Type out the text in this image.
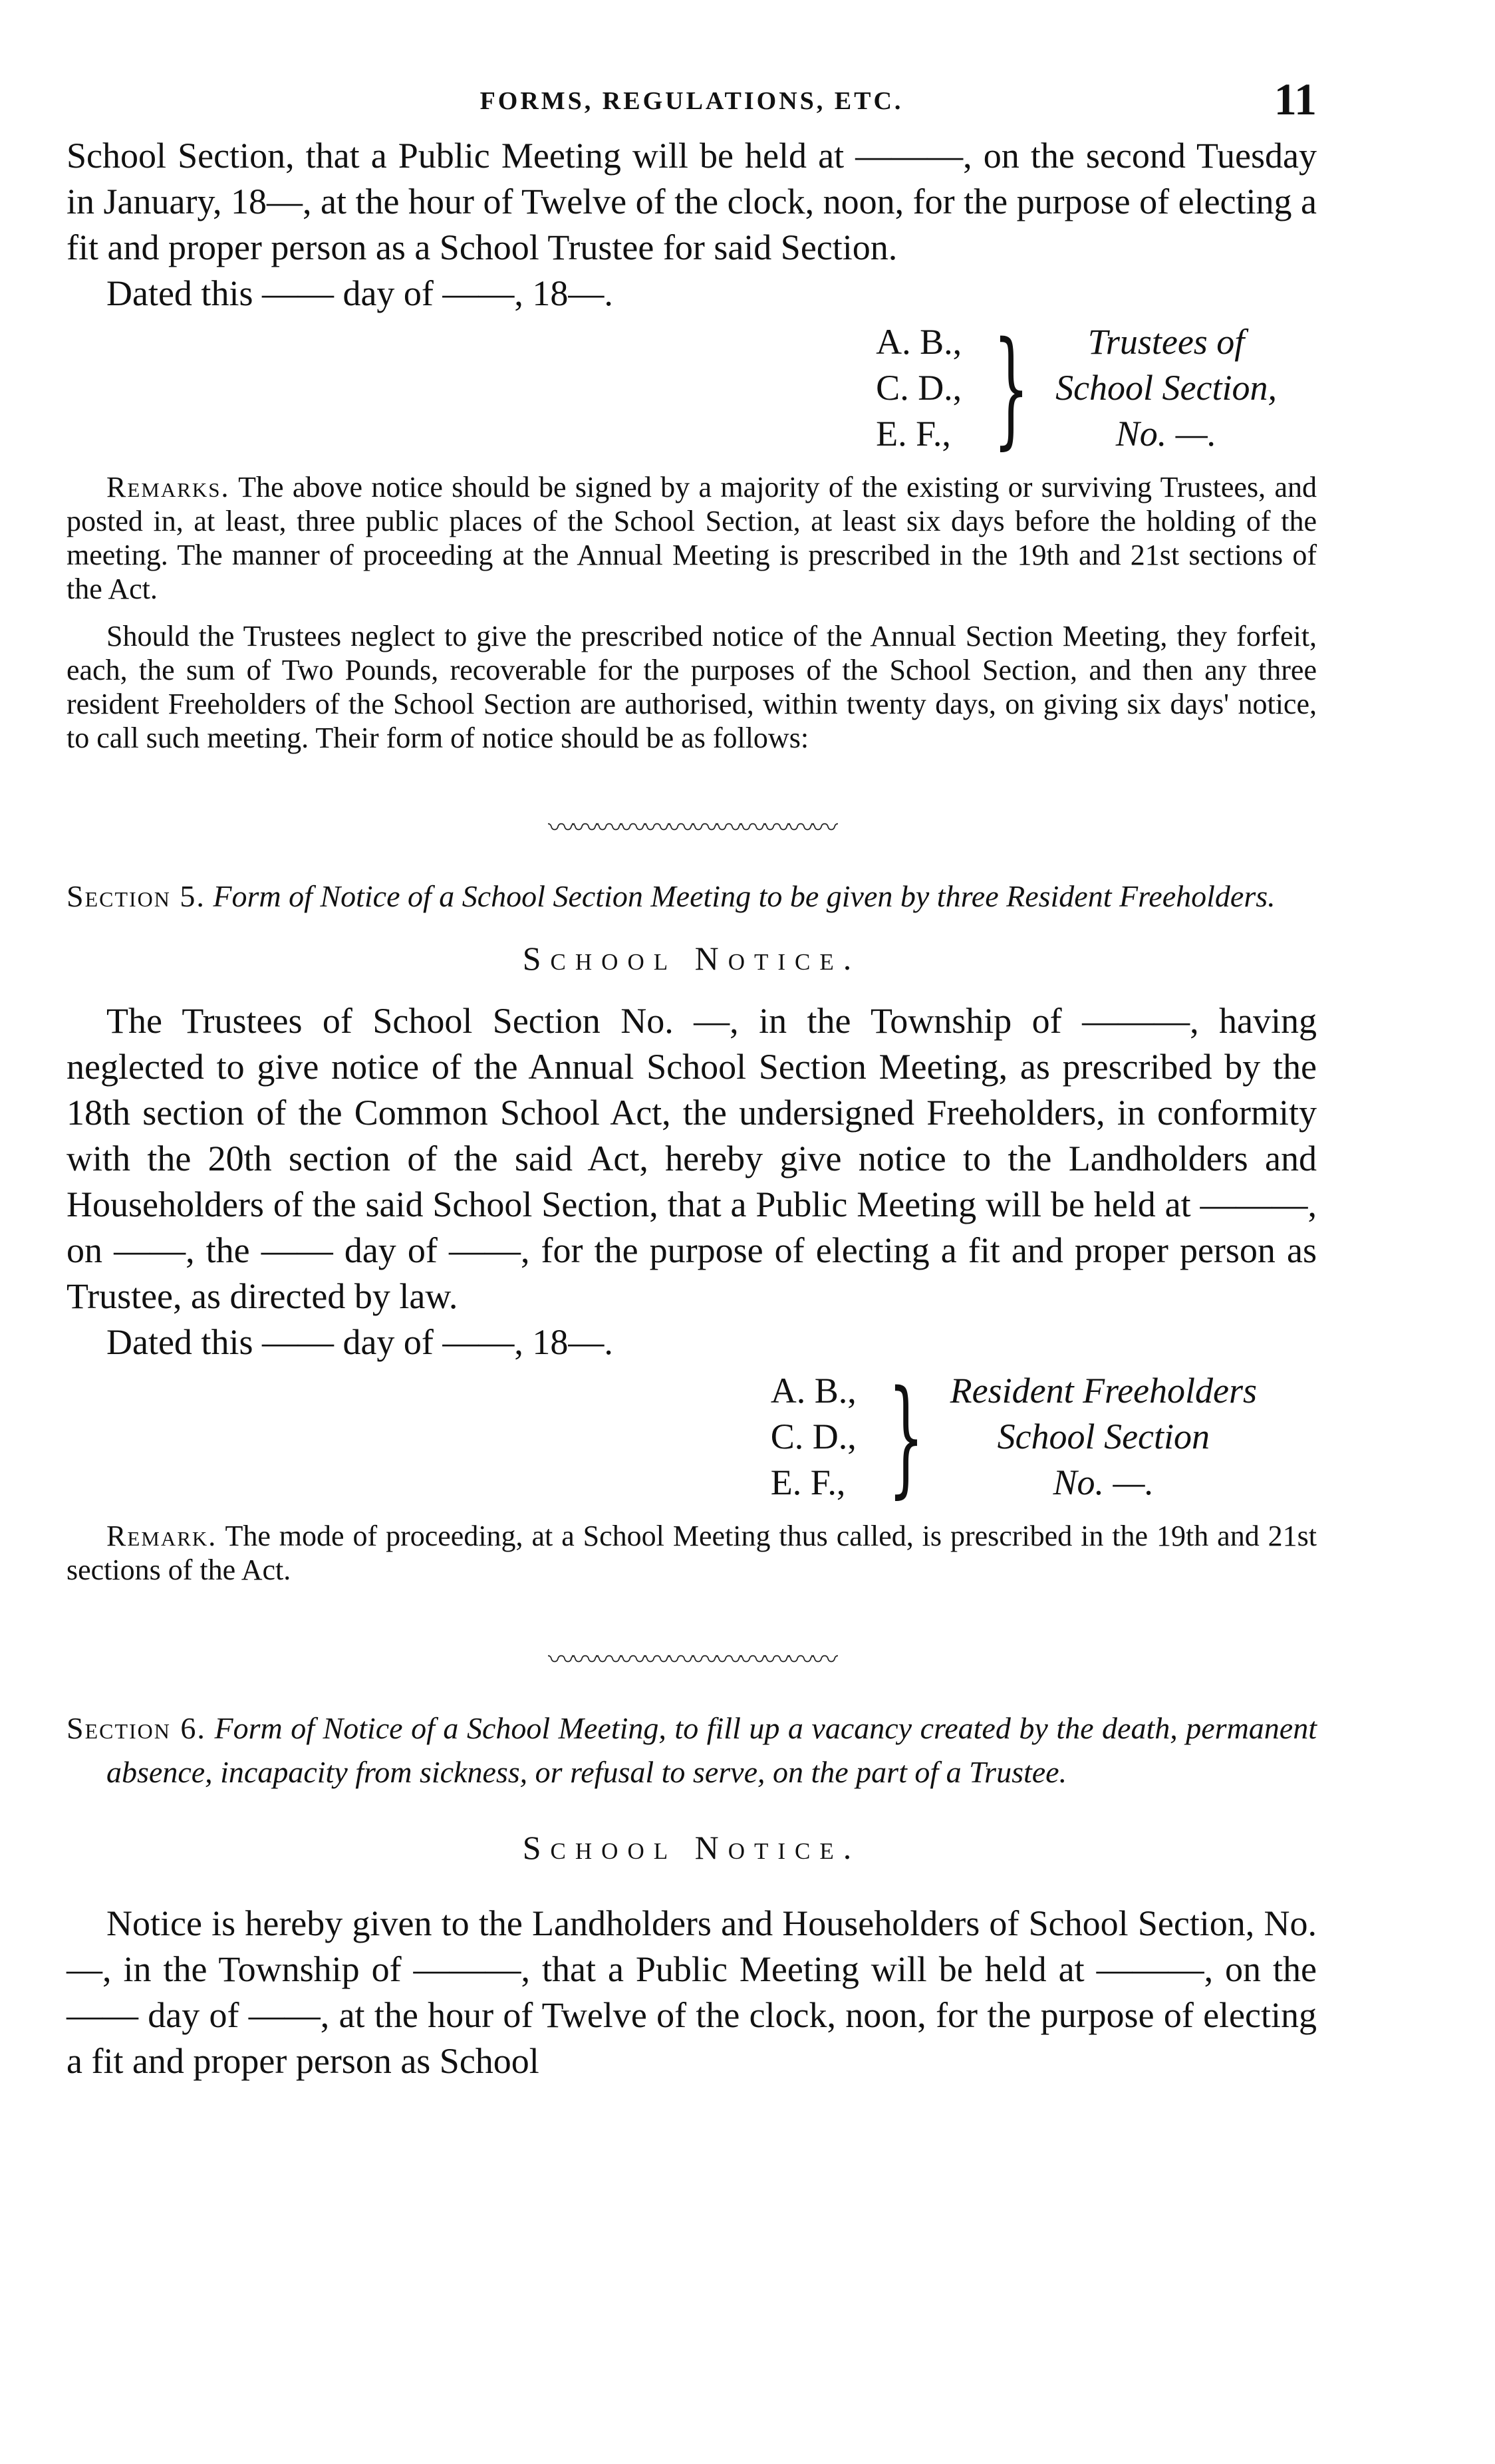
FORMS, REGULATIONS, ETC.	11

School Section, that a Public Meeting will be held at ———, on the second Tuesday in January, 18—, at the hour of Twelve of the clock, noon, for the purpose of electing a fit and proper person as a School Trustee for said Section.

Dated this —— day of ——, 18—.

A. B.,
C. D.,
E. F., }	Trustees of
School Section,
No. —.

Remarks. The above notice should be signed by a majority of the existing or surviving Trustees, and posted in, at least, three public places of the School Section, at least six days before the holding of the meeting. The manner of proceeding at the Annual Meeting is prescribed in the 19th and 21st sections of the Act.

Should the Trustees neglect to give the prescribed notice of the Annual Section Meeting, they forfeit, each, the sum of Two Pounds, recoverable for the purposes of the School Section, and then any three resident Freeholders of the School Section are authorised, within twenty days, on giving six days' notice, to call such meeting. Their form of notice should be as follows:

〰〰〰〰〰〰〰〰〰〰〰〰

Section 5. Form of Notice of a School Section Meeting to be given by three Resident Freeholders.

School Notice.

The Trustees of School Section No. —, in the Township of ———, having neglected to give notice of the Annual School Section Meeting, as prescribed by the 18th section of the Common School Act, the undersigned Freeholders, in conformity with the 20th section of the said Act, hereby give notice to the Landholders and Householders of the said School Section, that a Public Meeting will be held at ———, on ——, the —— day of ——, for the purpose of electing a fit and proper person as Trustee, as directed by law.

Dated this —— day of ——, 18—.

A. B.,
C. D.,
E. F., } Resident Freeholders
School Section
No. —.

Remark. The mode of proceeding, at a School Meeting thus called, is prescribed in the 19th and 21st sections of the Act.

〰〰〰〰〰〰〰〰〰〰〰〰

Section 6. Form of Notice of a School Meeting, to fill up a vacancy created by the death, permanent absence, incapacity from sickness, or refusal to serve, on the part of a Trustee.

School Notice.

Notice is hereby given to the Landholders and Householders of School Section, No. —, in the Township of ———, that a Public Meeting will be held at ———, on the —— day of ——, at the hour of Twelve of the clock, noon, for the purpose of electing a fit and proper person as School
